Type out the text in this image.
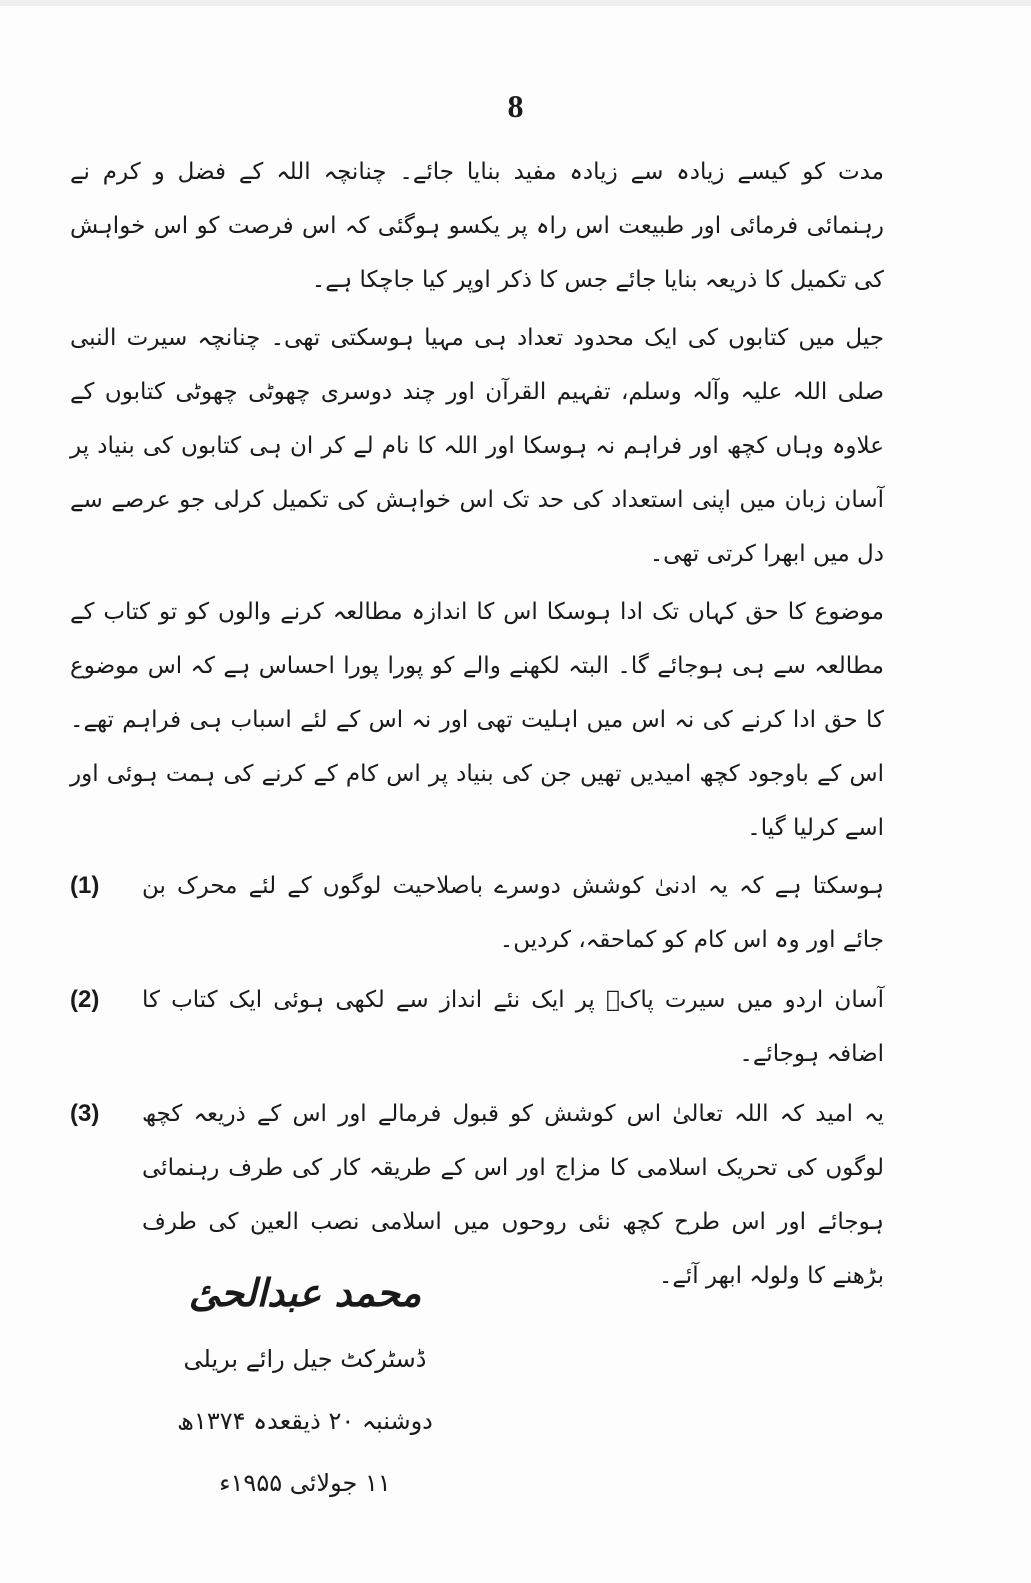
8

مدت کو کیسے زیادہ سے زیادہ مفید بنایا جائے۔ چنانچہ اللہ کے فضل و کرم نے رہنمائی فرمائی اور طبیعت اس راہ پر یکسو ہوگئی کہ اس فرصت کو اس خواہش کی تکمیل کا ذریعہ بنایا جائے جس کا ذکر اوپر کیا جاچکا ہے۔

جیل میں کتابوں کی ایک محدود تعداد ہی مہیا ہوسکتی تھی۔ چنانچہ سیرت النبی صلی اللہ علیہ وآلہ وسلم، تفہیم القرآن اور چند دوسری چھوٹی چھوٹی کتابوں کے علاوہ وہاں کچھ اور فراہم نہ ہوسکا اور اللہ کا نام لے کر ان ہی کتابوں کی بنیاد پر آسان زبان میں اپنی استعداد کی حد تک اس خواہش کی تکمیل کرلی جو عرصے سے دل میں ابھرا کرتی تھی۔

موضوع کا حق کہاں تک ادا ہوسکا اس کا اندازہ مطالعہ کرنے والوں کو تو کتاب کے مطالعہ سے ہی ہوجائے گا۔ البتہ لکھنے والے کو پورا پورا احساس ہے کہ اس موضوع کا حق ادا کرنے کی نہ اس میں اہلیت تھی اور نہ اس کے لئے اسباب ہی فراہم تھے۔ اس کے باوجود کچھ امیدیں تھیں جن کی بنیاد پر اس کام کے کرنے کی ہمت ہوئی اور اسے کرلیا گیا۔

ہوسکتا ہے کہ یہ ادنیٰ کوشش دوسرے باصلاحیت لوگوں کے لئے محرک بن جائے اور وہ اس کام کو کماحقہ، کردیں۔
(1)
آسان اردو میں سیرت پاکؐ پر ایک نئے انداز سے لکھی ہوئی ایک کتاب کا اضافہ ہوجائے۔
(2)
یہ امید کہ اللہ تعالیٰ اس کوشش کو قبول فرمالے اور اس کے ذریعہ کچھ لوگوں کی تحریک اسلامی کا مزاج اور اس کے طریقہ کار کی طرف رہنمائی ہوجائے اور اس طرح کچھ نئی روحوں میں اسلامی نصب العین کی طرف بڑھنے کا ولولہ ابھر آئے۔
(3)
محمد عبدالحیٔ
ڈسٹرکٹ جیل رائے بریلی
دوشنبہ ۲۰ ذیقعدہ ۱۳۷۴ھ
۱۱ جولائی ۱۹۵۵ء
